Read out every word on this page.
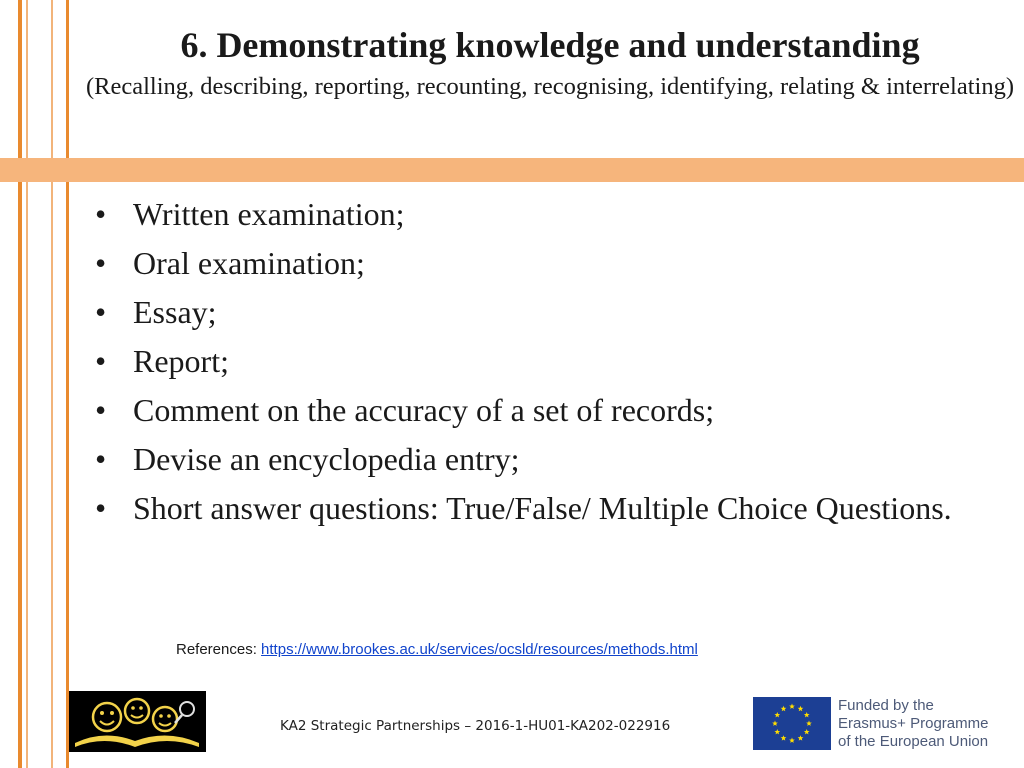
6. Demonstrating knowledge and understanding
(Recalling, describing, reporting, recounting, recognising, identifying, relating & interrelating)
• Written examination;
• Oral examination;
• Essay;
• Report;
• Comment on the accuracy of a set of records;
• Devise an encyclopedia entry;
• Short answer questions: True/False/ Multiple Choice Questions.
References: https://www.brookes.ac.uk/services/ocsld/resources/methods.html
KA2 Strategic Partnerships – 2016-1-HU01-KA202-022916
Funded by the
Erasmus+ Programme
of the European Union
